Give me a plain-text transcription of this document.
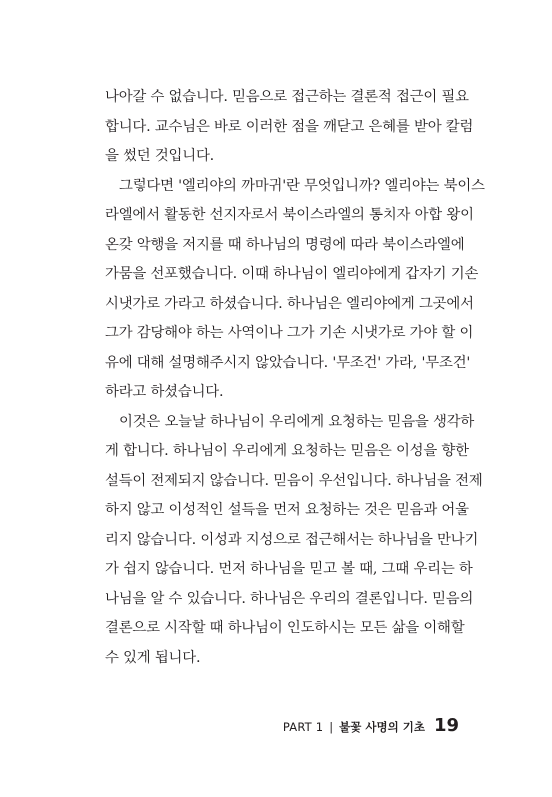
나아갈 수 없습니다. 믿음으로 접근하는 결론적 접근이 필요
합니다. 교수님은 바로 이러한 점을 깨닫고 은혜를 받아 칼럼
을 썼던 것입니다.
그렇다면 '엘리야의 까마귀'란 무엇입니까? 엘리야는 북이스
라엘에서 활동한 선지자로서 북이스라엘의 통치자 아합 왕이
온갖 악행을 저지를 때 하나님의 명령에 따라 북이스라엘에
가뭄을 선포했습니다. 이때 하나님이 엘리야에게 갑자기 기손
시냇가로 가라고 하셨습니다. 하나님은 엘리야에게 그곳에서
그가 감당해야 하는 사역이나 그가 기손 시냇가로 가야 할 이
유에 대해 설명해주시지 않았습니다. '무조건' 가라, '무조건'
하라고 하셨습니다.
이것은 오늘날 하나님이 우리에게 요청하는 믿음을 생각하
게 합니다. 하나님이 우리에게 요청하는 믿음은 이성을 향한
설득이 전제되지 않습니다. 믿음이 우선입니다. 하나님을 전제
하지 않고 이성적인 설득을 먼저 요청하는 것은 믿음과 어울
리지 않습니다. 이성과 지성으로 접근해서는 하나님을 만나기
가 쉽지 않습니다. 먼저 하나님을 믿고 볼 때, 그때 우리는 하
나님을 알 수 있습니다. 하나님은 우리의 결론입니다. 믿음의
결론으로 시작할 때 하나님이 인도하시는 모든 삶을 이해할
수 있게 됩니다.
PART 1 | 불꽃 사명의 기초 19
